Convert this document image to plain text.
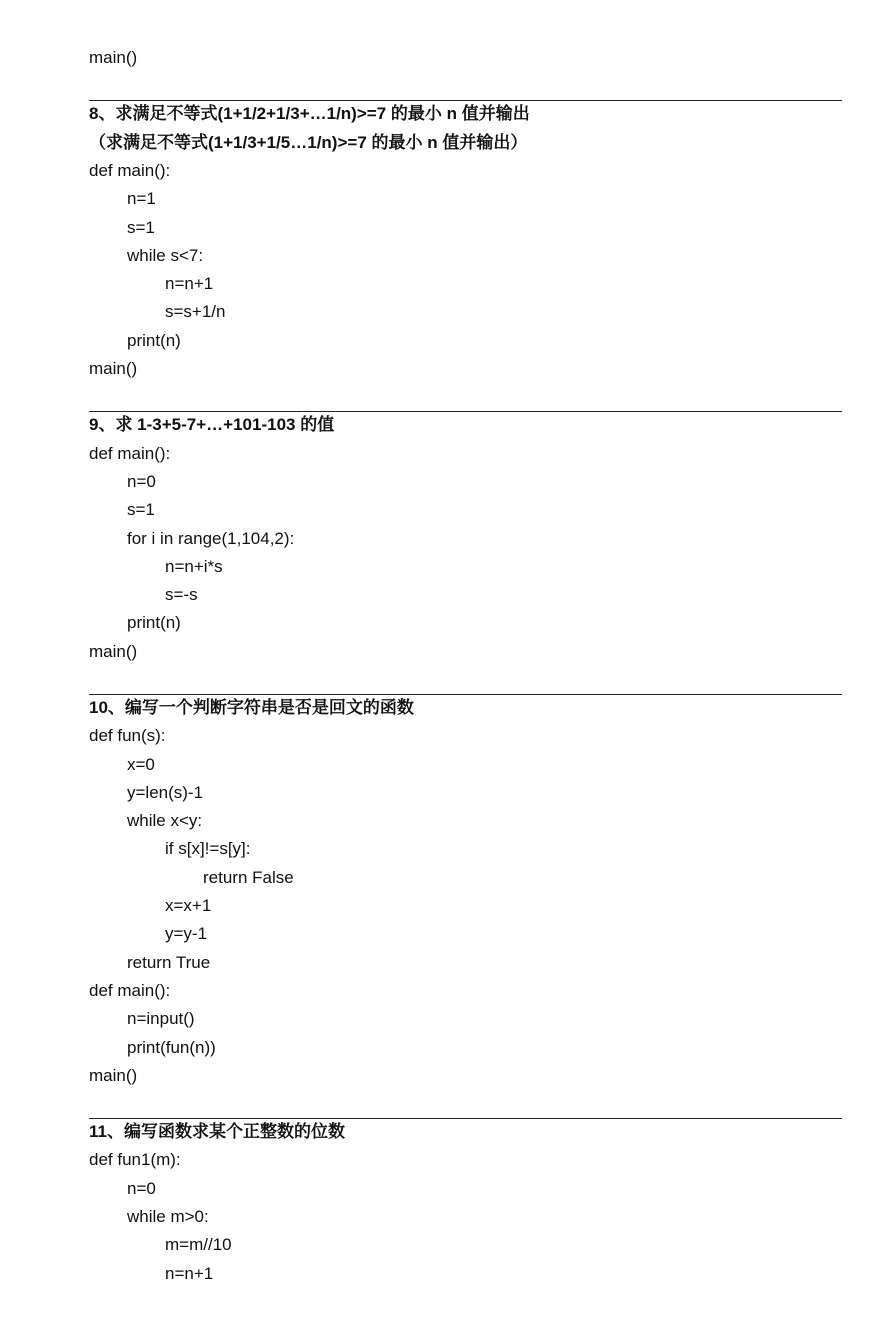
main()
8、求满足不等式(1+1/2+1/3+…1/n)>=7 的最小 n 值并输出
（求满足不等式(1+1/3+1/5…1/n)>=7 的最小 n 值并输出）
def main():
n=1
s=1
while s<7:
n=n+1
s=s+1/n
print(n)
main()
9、求 1-3+5-7+…+101-103 的值
def main():
n=0
s=1
for i in range(1,104,2):
n=n+i*s
s=-s
print(n)
main()
10、编写一个判断字符串是否是回文的函数
def fun(s):
x=0
y=len(s)-1
while x<y:
if s[x]!=s[y]:
return False
x=x+1
y=y-1
return True
def main():
n=input()
print(fun(n))
main()
11、编写函数求某个正整数的位数
def fun1(m):
n=0
while m>0:
m=m//10
n=n+1
